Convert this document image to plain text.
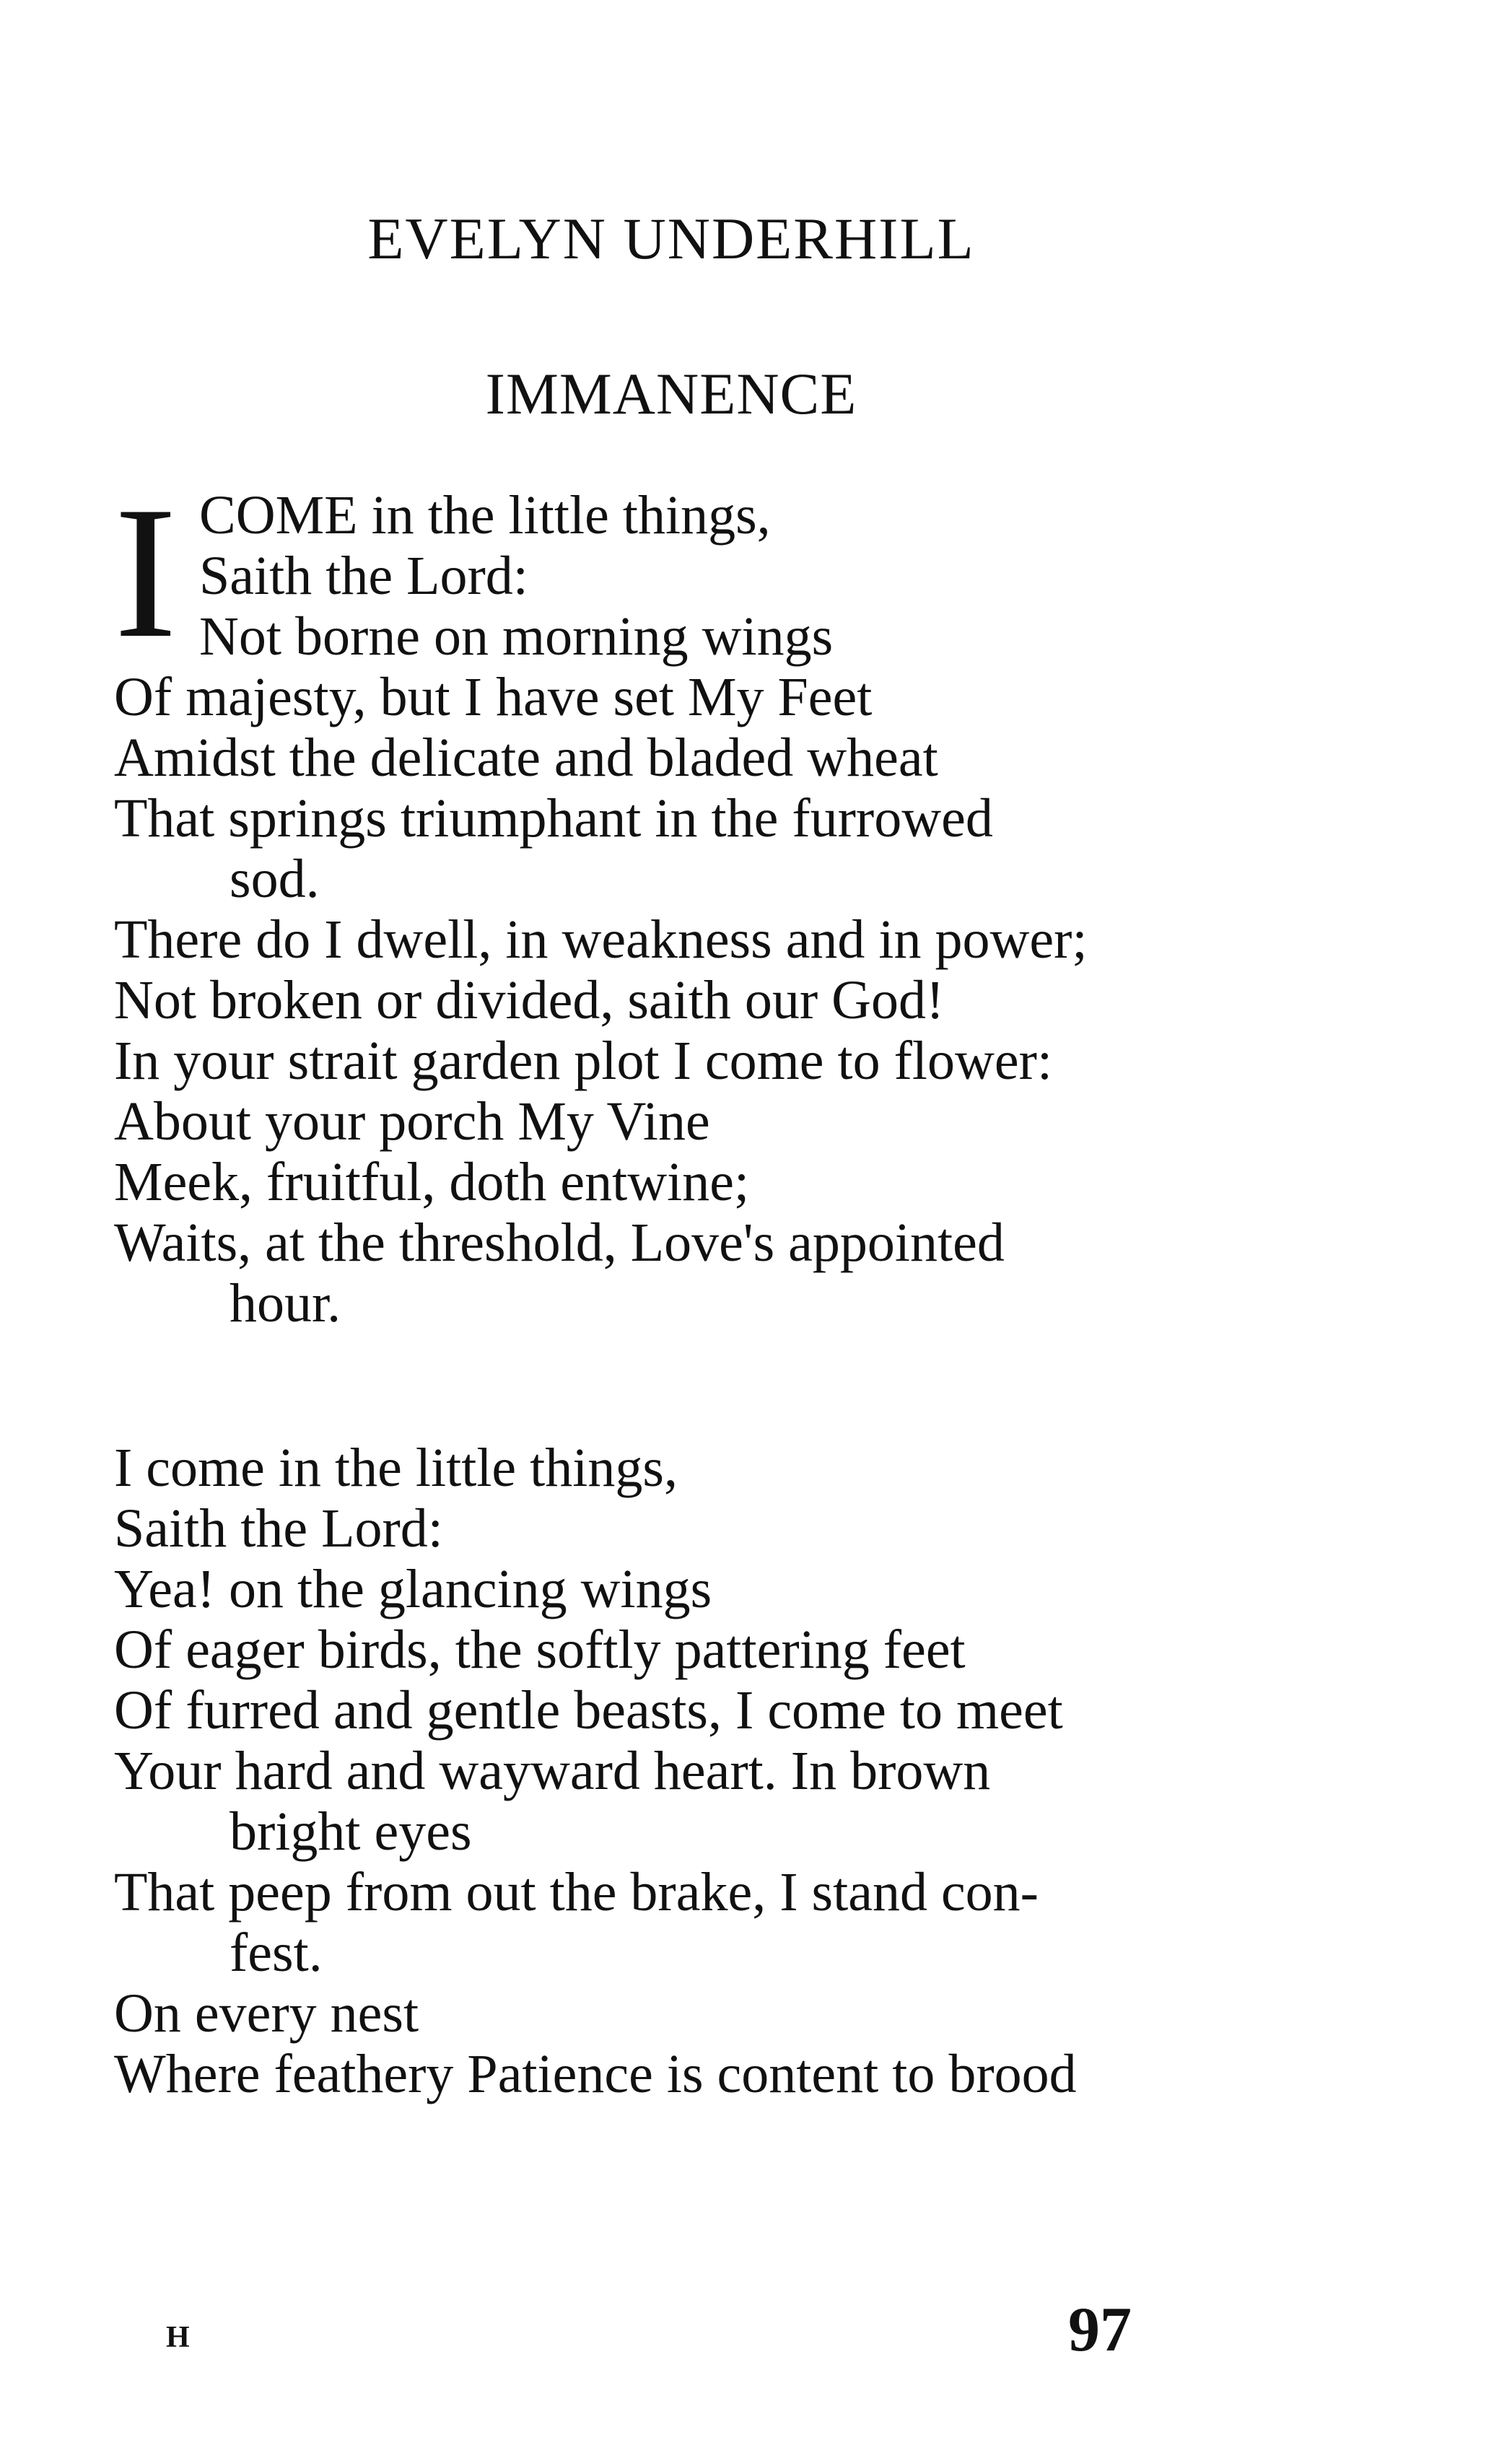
EVELYN UNDERHILL
IMMANENCE
I COME in the little things,
Saith the Lord:
Not borne on morning wings
Of majesty, but I have set My Feet
Amidst the delicate and bladed wheat
That springs triumphant in the furrowed
sod.
There do I dwell, in weakness and in power;
Not broken or divided, saith our God!
In your strait garden plot I come to flower:
About your porch My Vine
Meek, fruitful, doth entwine;
Waits, at the threshold, Love's appointed
hour.
I come in the little things,
Saith the Lord:
Yea! on the glancing wings
Of eager birds, the softly pattering feet
Of furred and gentle beasts, I come to meet
Your hard and wayward heart. In brown
bright eyes
That peep from out the brake, I stand con-
fest.
On every nest
Where feathery Patience is content to brood
H	97
